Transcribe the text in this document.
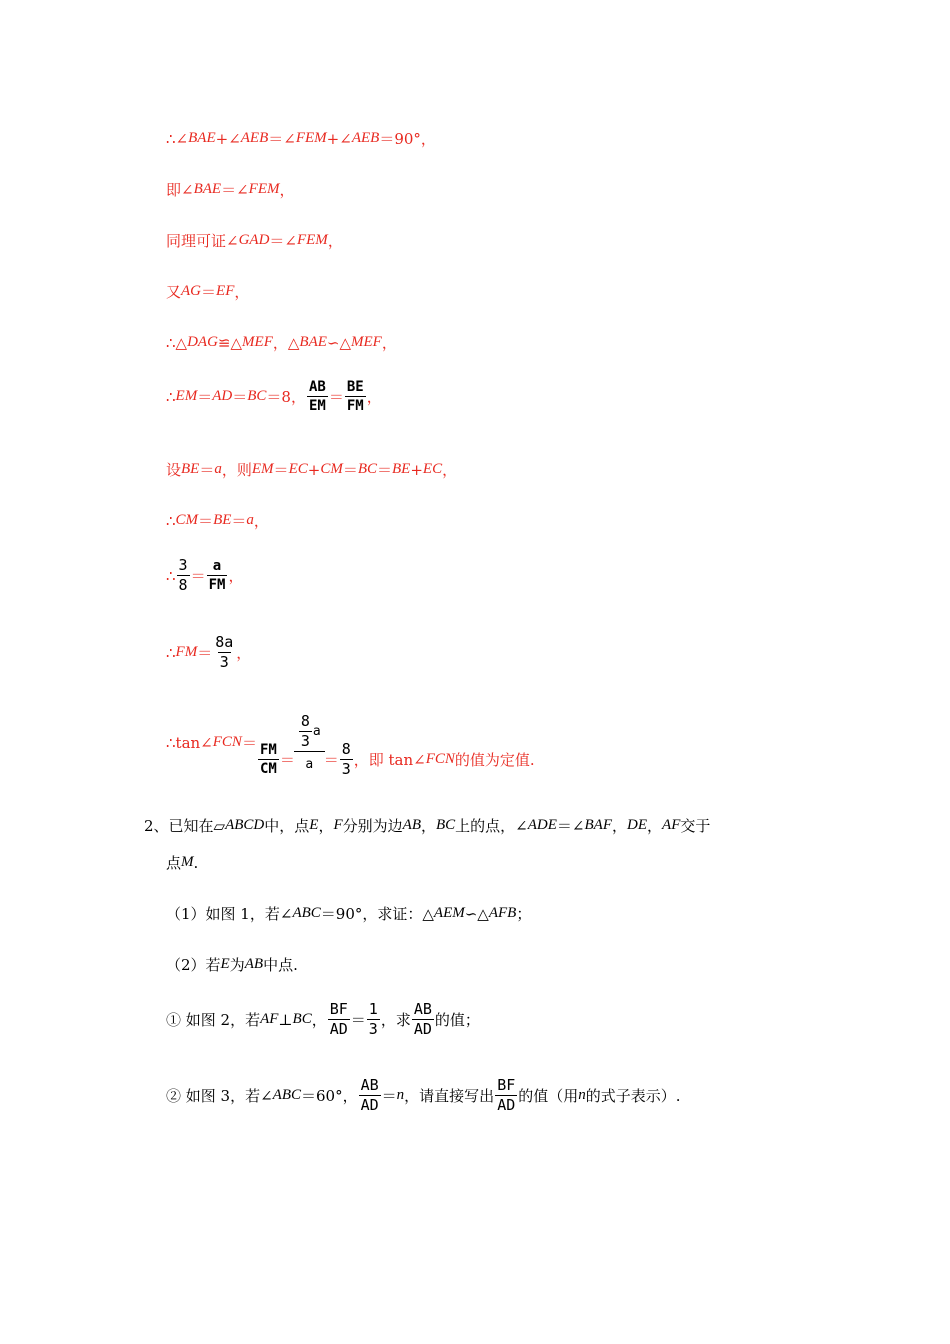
∴∠ BAE +∠ AEB ＝∠ FEM +∠ AEB ＝90°，
即∠ BAE ＝∠ FEM ，
同理可证∠ GAD ＝∠ FEM ，
又 AG ＝ EF ，
∴△ DAG ≌△ MEF ，△ BAE ∽△ MEF ，
∴ EM ＝ AD ＝ BC ＝8， $\frac{AB}{EM} = \frac{BE}{FM}$ ，
设 BE ＝ a ，则 EM ＝ EC + CM ＝ BC ＝ BE + EC ，
∴ CM ＝ BE ＝ a ，
∴ $\frac{3}{8} = \frac{a}{FM}$ ，
∴ FM ＝ $\frac{8a}{3}$ ，
∴tan∠ FCN ＝ $\frac{FM}{CM} = \frac{\frac{8}{3} a}{a} = \frac{8}{3}$ ，即 tan∠ FCN 的值为定值.
2、 已知在▱ ABCD 中，点 E ， F 分别为边 AB ， BC 上的点，∠ ADE ＝∠ BAF ， DE ， AF 交于
点 M .
（1）如图 1，若∠ ABC ＝90°，求证：△ AEM ∽△ AFB ；
（2）若 E 为 AB 中点.
① 如图 2，若 AF ⊥ BC ， $\frac{BF}{AD} = \frac{1}{3}$ ，求 $\frac{AB}{AD}$ 的值；
② 如图 3，若∠ ABC ＝60°， $\frac{AB}{AD} = n$ ，请直接写出 $\frac{BF}{AD}$ 的值（用 n 的式子表示）.
